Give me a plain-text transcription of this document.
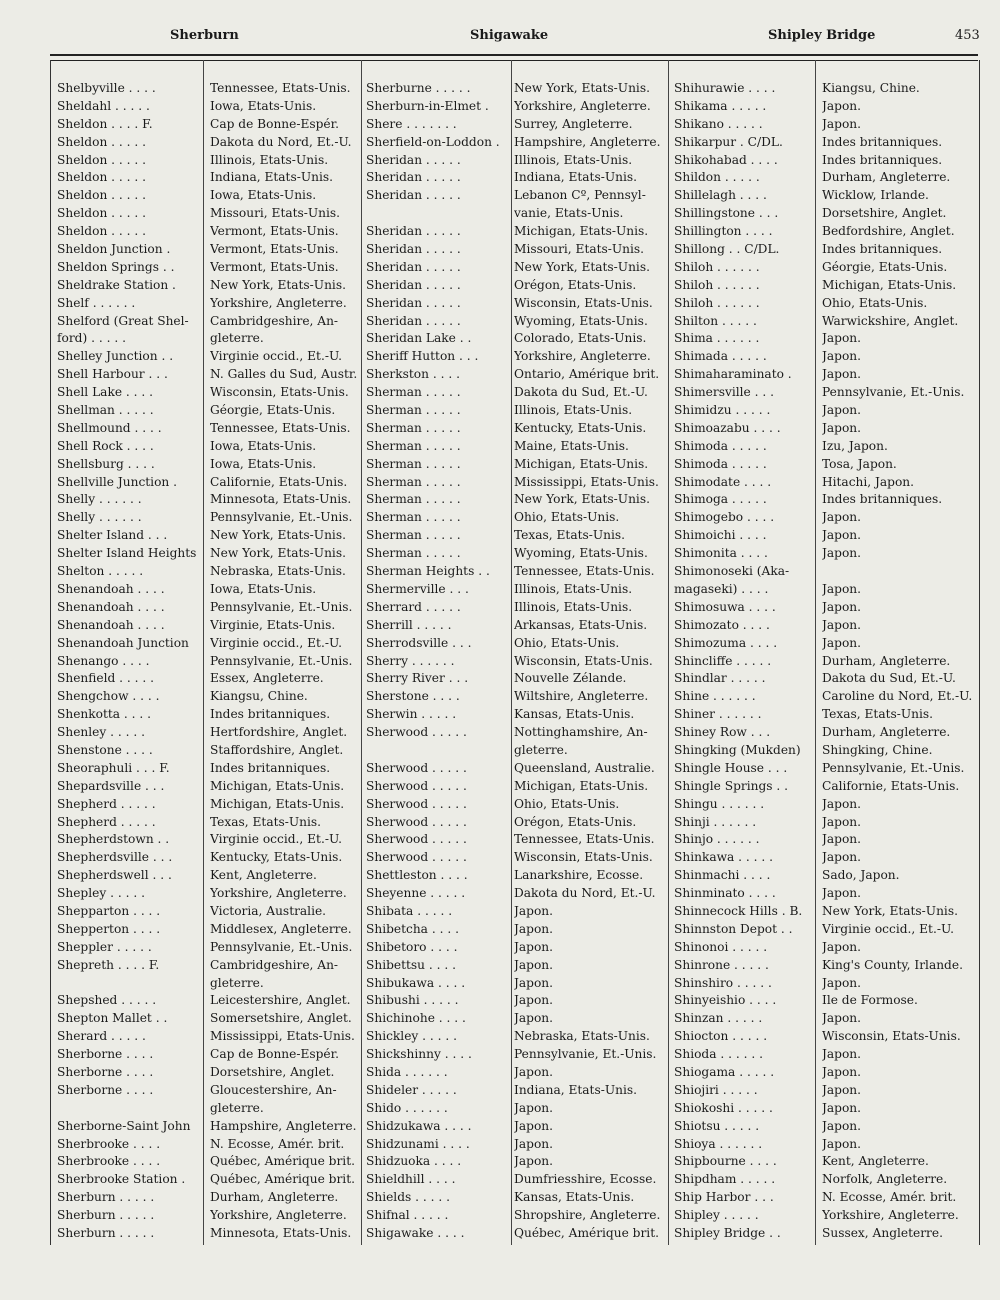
Sherburn	Shigawake	Shipley Bridge	453
Shelbyville . . . .	Tennessee, Etats-Unis.
Sheldahl . . . . .	Iowa, Etats-Unis.
Sheldon . . . . F.	Cap de Bonne-Espér.
Sheldon . . . . .	Dakota du Nord, Et.-U.
Sheldon . . . . .	Illinois, Etats-Unis.
Sheldon . . . . .	Indiana, Etats-Unis.
Sheldon . . . . .	Iowa, Etats-Unis.
Sheldon . . . . .	Missouri, Etats-Unis.
Sheldon . . . . .	Vermont, Etats-Unis.
Sheldon Junction .	Vermont, Etats-Unis.
Sheldon Springs . .	Vermont, Etats-Unis.
Sheldrake Station .	New York, Etats-Unis.
Shelf . . . . . .	Yorkshire, Angleterre.
Shelford (Great Shel-	Cambridgeshire, An-
ford) . . . . .	gleterre.
Shelley Junction . .	Virginie occid., Et.-U.
Shell Harbour . . .	N. Galles du Sud, Austr.
Shell Lake . . . .	Wisconsin, Etats-Unis.
Shellman . . . . .	Géorgie, Etats-Unis.
Shellmound . . . .	Tennessee, Etats-Unis.
Shell Rock . . . .	Iowa, Etats-Unis.
Shellsburg . . . .	Iowa, Etats-Unis.
Shellville Junction .	Californie, Etats-Unis.
Shelly . . . . . .	Minnesota, Etats-Unis.
Shelly . . . . . .	Pennsylvanie, Et.-Unis.
Shelter Island . . .	New York, Etats-Unis.
Shelter Island Heights	New York, Etats-Unis.
Shelton . . . . .	Nebraska, Etats-Unis.
Shenandoah . . . .	Iowa, Etats-Unis.
Shenandoah . . . .	Pennsylvanie, Et.-Unis.
Shenandoah . . . .	Virginie, Etats-Unis.
Shenandoah Junction	Virginie occid., Et.-U.
Shenango . . . .	Pennsylvanie, Et.-Unis.
Shenfield . . . . .	Essex, Angleterre.
Shengchow . . . .	Kiangsu, Chine.
Shenkotta . . . .	Indes britanniques.
Shenley . . . . .	Hertfordshire, Anglet.
Shenstone . . . .	Staffordshire, Anglet.
Sheoraphuli . . . F.	Indes britanniques.
Shepardsville . . .	Michigan, Etats-Unis.
Shepherd . . . . .	Michigan, Etats-Unis.
Shepherd . . . . .	Texas, Etats-Unis.
Shepherdstown . .	Virginie occid., Et.-U.
Shepherdsville . . .	Kentucky, Etats-Unis.
Shepherdswell . . .	Kent, Angleterre.
Shepley . . . . .	Yorkshire, Angleterre.
Shepparton . . . .	Victoria, Australie.
Shepperton . . . .	Middlesex, Angleterre.
Sheppler . . . . .	Pennsylvanie, Et.-Unis.
Shepreth . . . . F.	Cambridgeshire, An-
gleterre.
Shepshed . . . . .	Leicestershire, Anglet.
Shepton Mallet . .	Somersetshire, Anglet.
Sherard . . . . .	Mississippi, Etats-Unis.
Sherborne . . . .	Cap de Bonne-Espér.
Sherborne . . . .	Dorsetshire, Anglet.
Sherborne . . . .	Gloucestershire, An-
gleterre.
Sherborne-Saint John	Hampshire, Angleterre.
Sherbrooke . . . .	N. Ecosse, Amér. brit.
Sherbrooke . . . .	Québec, Amérique brit.
Sherbrooke Station .	Québec, Amérique brit.
Sherburn . . . . .	Durham, Angleterre.
Sherburn . . . . .	Yorkshire, Angleterre.
Sherburn . . . . .	Minnesota, Etats-Unis.
Sherburne . . . . .	New York, Etats-Unis.
Sherburn-in-Elmet .	Yorkshire, Angleterre.
Shere . . . . . . .	Surrey, Angleterre.
Sherfield-on-Loddon .	Hampshire, Angleterre.
Sheridan . . . . .	Illinois, Etats-Unis.
Sheridan . . . . .	Indiana, Etats-Unis.
Sheridan . . . . .	Lebanon Cº, Pennsyl-
vanie, Etats-Unis.
Sheridan . . . . .	Michigan, Etats-Unis.
Sheridan . . . . .	Missouri, Etats-Unis.
Sheridan . . . . .	New York, Etats-Unis.
Sheridan . . . . .	Orégon, Etats-Unis.
Sheridan . . . . .	Wisconsin, Etats-Unis.
Sheridan . . . . .	Wyoming, Etats-Unis.
Sheridan Lake . .	Colorado, Etats-Unis.
Sheriff Hutton . . .	Yorkshire, Angleterre.
Sherkston . . . .	Ontario, Amérique brit.
Sherman . . . . .	Dakota du Sud, Et.-U.
Sherman . . . . .	Illinois, Etats-Unis.
Sherman . . . . .	Kentucky, Etats-Unis.
Sherman . . . . .	Maine, Etats-Unis.
Sherman . . . . .	Michigan, Etats-Unis.
Sherman . . . . .	Mississippi, Etats-Unis.
Sherman . . . . .	New York, Etats-Unis.
Sherman . . . . .	Ohio, Etats-Unis.
Sherman . . . . .	Texas, Etats-Unis.
Sherman . . . . .	Wyoming, Etats-Unis.
Sherman Heights . .	Tennessee, Etats-Unis.
Shermerville . . .	Illinois, Etats-Unis.
Sherrard . . . . .	Illinois, Etats-Unis.
Sherrill . . . . .	Arkansas, Etats-Unis.
Sherrodsville . . .	Ohio, Etats-Unis.
Sherry . . . . . .	Wisconsin, Etats-Unis.
Sherry River . . .	Nouvelle Zélande.
Sherstone . . . .	Wiltshire, Angleterre.
Sherwin . . . . .	Kansas, Etats-Unis.
Sherwood . . . . .	Nottinghamshire, An-
gleterre.
Sherwood . . . . .	Queensland, Australie.
Sherwood . . . . .	Michigan, Etats-Unis.
Sherwood . . . . .	Ohio, Etats-Unis.
Sherwood . . . . .	Orégon, Etats-Unis.
Sherwood . . . . .	Tennessee, Etats-Unis.
Sherwood . . . . .	Wisconsin, Etats-Unis.
Shettleston . . . .	Lanarkshire, Ecosse.
Sheyenne . . . . .	Dakota du Nord, Et.-U.
Shibata . . . . .	Japon.
Shibetcha . . . .	Japon.
Shibetoro . . . .	Japon.
Shibettsu . . . .	Japon.
Shibukawa . . . .	Japon.
Shibushi . . . . .	Japon.
Shichinohe . . . .	Japon.
Shickley . . . . .	Nebraska, Etats-Unis.
Shickshinny . . . .	Pennsylvanie, Et.-Unis.
Shida . . . . . .	Japon.
Shideler . . . . .	Indiana, Etats-Unis.
Shido . . . . . .	Japon.
Shidzukawa . . . .	Japon.
Shidzunami . . . .	Japon.
Shidzuoka . . . .	Japon.
Shieldhill . . . .	Dumfriesshire, Ecosse.
Shields . . . . .	Kansas, Etats-Unis.
Shifnal . . . . .	Shropshire, Angleterre.
Shigawake . . . .	Québec, Amérique brit.
Shihurawie . . . .	Kiangsu, Chine.
Shikama . . . . .	Japon.
Shikano . . . . .	Japon.
Shikarpur . C/DL.	Indes britanniques.
Shikohabad . . . .	Indes britanniques.
Shildon . . . . .	Durham, Angleterre.
Shillelagh . . . .	Wicklow, Irlande.
Shillingstone . . .	Dorsetshire, Anglet.
Shillington . . . .	Bedfordshire, Anglet.
Shillong . . C/DL.	Indes britanniques.
Shiloh . . . . . .	Géorgie, Etats-Unis.
Shiloh . . . . . .	Michigan, Etats-Unis.
Shiloh . . . . . .	Ohio, Etats-Unis.
Shilton . . . . .	Warwickshire, Anglet.
Shima . . . . . .	Japon.
Shimada . . . . .	Japon.
Shimaharaminato .	Japon.
Shimersville . . .	Pennsylvanie, Et.-Unis.
Shimidzu . . . . .	Japon.
Shimoazabu . . . .	Japon.
Shimoda . . . . .	Izu, Japon.
Shimoda . . . . .	Tosa, Japon.
Shimodate . . . .	Hitachi, Japon.
Shimoga . . . . .	Indes britanniques.
Shimogebo . . . .	Japon.
Shimoichi . . . .	Japon.
Shimonita . . . .	Japon.
Shimonoseki (Aka-
magaseki) . . . .	Japon.
Shimosuwa . . . .	Japon.
Shimozato . . . .	Japon.
Shimozuma . . . .	Japon.
Shincliffe . . . . .	Durham, Angleterre.
Shindlar . . . . .	Dakota du Sud, Et.-U.
Shine . . . . . .	Caroline du Nord, Et.-U.
Shiner . . . . . .	Texas, Etats-Unis.
Shiney Row . . .	Durham, Angleterre.
Shingking (Mukden)	Shingking, Chine.
Shingle House . . .	Pennsylvanie, Et.-Unis.
Shingle Springs . .	Californie, Etats-Unis.
Shingu . . . . . .	Japon.
Shinji . . . . . .	Japon.
Shinjo . . . . . .	Japon.
Shinkawa . . . . .	Japon.
Shinmachi . . . .	Sado, Japon.
Shinminato . . . .	Japon.
Shinnecock Hills . B.	New York, Etats-Unis.
Shinnston Depot . .	Virginie occid., Et.-U.
Shinonoi . . . . .	Japon.
Shinrone . . . . .	King's County, Irlande.
Shinshiro . . . . .	Japon.
Shinyeishio . . . .	Ile de Formose.
Shinzan . . . . .	Japon.
Shiocton . . . . .	Wisconsin, Etats-Unis.
Shioda . . . . . .	Japon.
Shiogama . . . . .	Japon.
Shiojiri . . . . .	Japon.
Shiokoshi . . . . .	Japon.
Shiotsu . . . . .	Japon.
Shioya . . . . . .	Japon.
Shipbourne . . . .	Kent, Angleterre.
Shipdham . . . . .	Norfolk, Angleterre.
Ship Harbor . . .	N. Ecosse, Amér. brit.
Shipley . . . . .	Yorkshire, Angleterre.
Shipley Bridge . .	Sussex, Angleterre.
